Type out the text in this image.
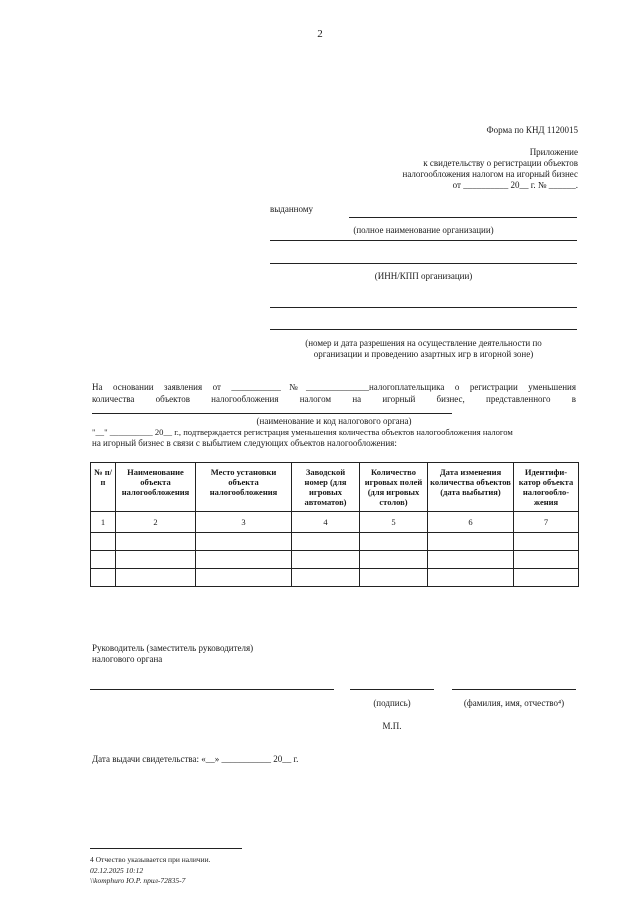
2
Форма по КНД 1120015
Приложение
к свидетельству о регистрации объектов
налогообложения налогом на игорный бизнес
от __________ 20__ г. № ______.
выданному
(полное наименование организации)
(ИНН/КПП организации)
(номер и дата разрешения на осуществление деятельности по
организации и проведению азартных игр в игорной зоне)
На основании заявления от ___________№______________налогоплательщика о регистрации уменьшения
количества объектов налогообложения налогом на игорный бизнес, представленного в
(наименование и код налогового органа)
"__" __________ 20__ г., подтверждается регистрация уменьшения количества объектов налогообложения налогом
на игорный бизнес в связи с выбытием следующих объектов налогообложения:
№ п/п	Наименование объекта налогообложения	Место установки объекта налогообложения	Заводской номер (для игровых автоматов)	Количество игровых полей (для игровых столов)	Дата изменения количества объектов (дата выбытия)	Идентифи-катор объекта налогообло-жения
1	2	3	4	5	6	7

Руководитель (заместитель руководителя)
налогового органа
(подпись)	(фамилия, имя, отчество⁴)
М.П.
Дата выдачи свидетельства: «__» ___________ 20__ г.
4 Отчество указывается при наличии.
02.12.2025 10:12
\\komphuro Ю.Р. прил-72835-7
